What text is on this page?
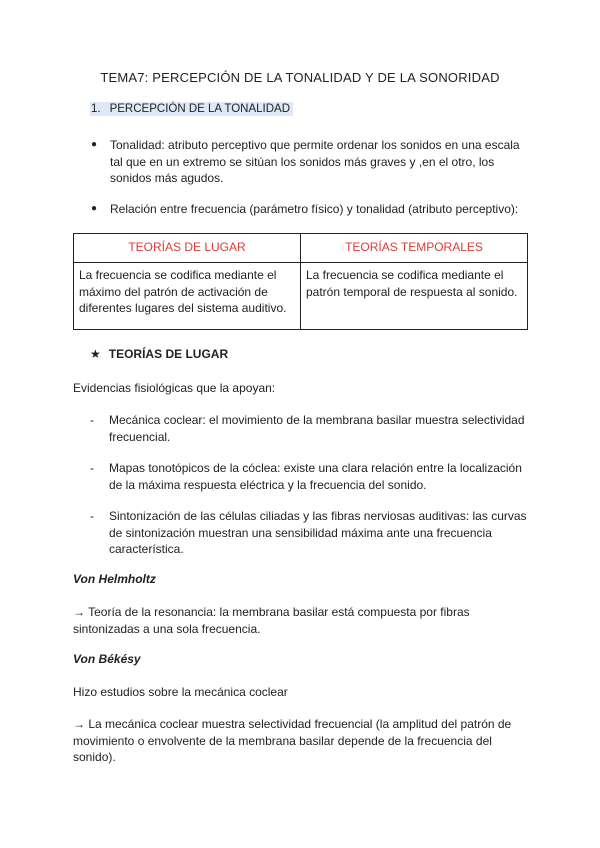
TEMA7: PERCEPCIÓN DE LA TONALIDAD Y DE LA SONORIDAD
1. PERCEPCIÓN DE LA TONALIDAD
● Tonalidad: atributo perceptivo que permite ordenar los sonidos en una escala tal que en un extremo se sitúan los sonidos más graves y ,en el otro, los sonidos más agudos.
● Relación entre frecuencia (parámetro físico) y tonalidad (atributo perceptivo):
TEORÍAS DE LUGAR	TEORÍAS TEMPORALES
La frecuencia se codifica mediante el máximo del patrón de activación de diferentes lugares del sistema auditivo.	La frecuencia se codifica mediante el patrón temporal de respuesta al sonido.
★ TEORÍAS DE LUGAR
Evidencias fisiológicas que la apoyan:
- Mecánica coclear: el movimiento de la membrana basilar muestra selectividad frecuencial.
- Mapas tonotópicos de la cóclea: existe una clara relación entre la localización de la máxima respuesta eléctrica y la frecuencia del sonido.
- Sintonización de las células ciliadas y las fibras nerviosas auditivas: las curvas de sintonización muestran una sensibilidad máxima ante una frecuencia característica.
Von Helmholtz
→ Teoría de la resonancia: la membrana basilar está compuesta por fibras sintonizadas a una sola frecuencia.
Von Békésy
Hizo estudios sobre la mecánica coclear
→ La mecánica coclear muestra selectividad frecuencial (la amplitud del patrón de movimiento o envolvente de la membrana basilar depende de la frecuencia del sonido).
